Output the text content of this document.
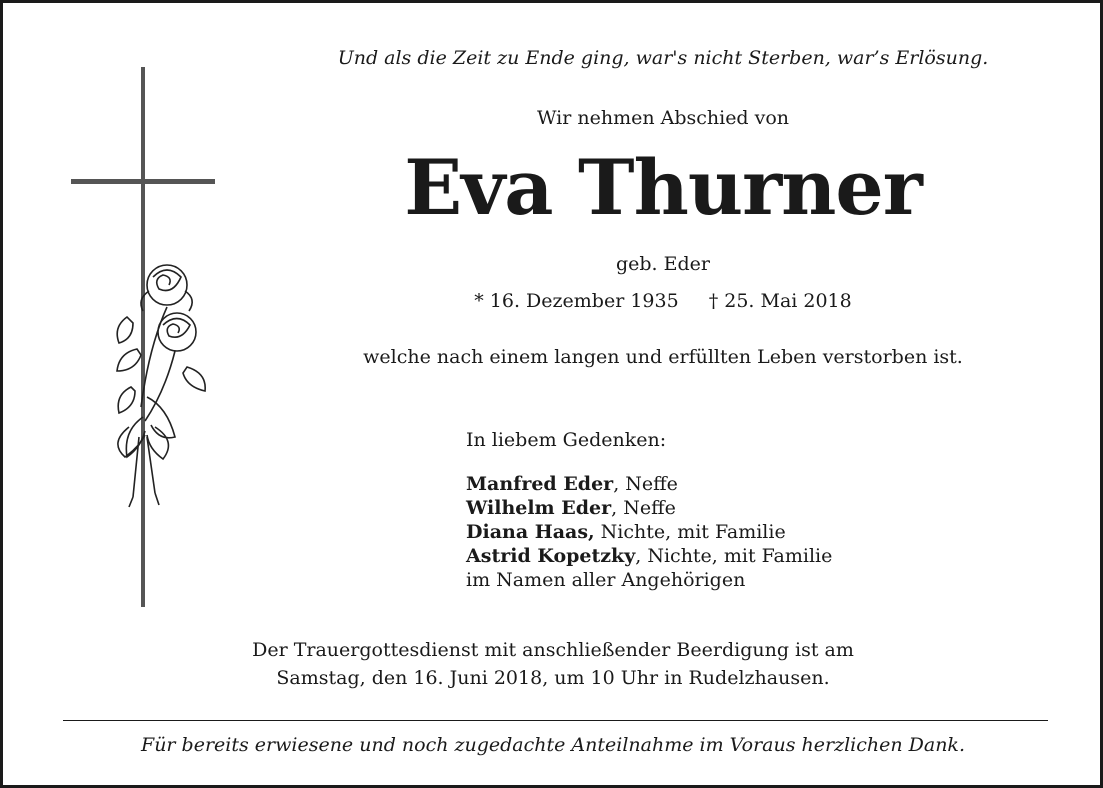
Und als die Zeit zu Ende ging, war's nicht Sterben, war’s Erlösung.
Wir nehmen Abschied von
Eva Thurner
geb. Eder
* 16. Dezember 1935 † 25. Mai 2018
welche nach einem langen und erfüllten Leben verstorben ist.
In liebem Gedenken:
Manfred Eder, Neffe
Wilhelm Eder, Neffe
Diana Haas, Nichte, mit Familie
Astrid Kopetzky, Nichte, mit Familie
im Namen aller Angehörigen
Der Trauergottesdienst mit anschließender Beerdigung ist am
Samstag, den 16. Juni 2018, um 10 Uhr in Rudelzhausen.
Für bereits erwiesene und noch zugedachte Anteilnahme im Voraus herzlichen Dank.
